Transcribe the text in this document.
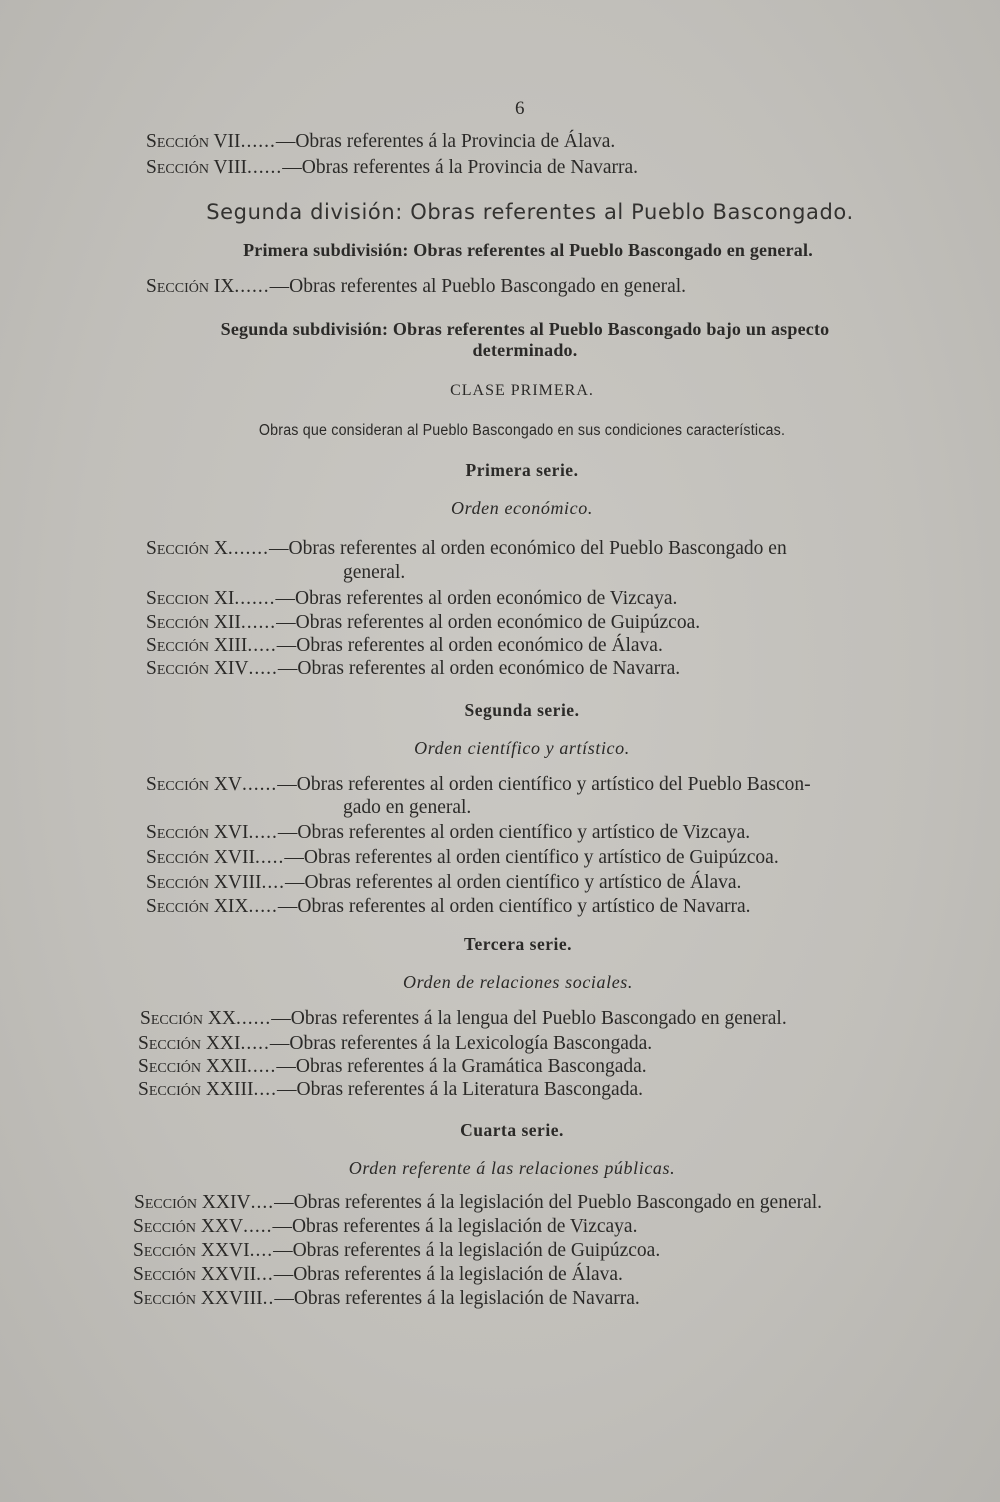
6
Sección VII......—Obras referentes á la Provincia de Álava.
Sección VIII......—Obras referentes á la Provincia de Navarra.
Segunda división: Obras referentes al Pueblo Bascongado.
Primera subdivisión: Obras referentes al Pueblo Bascongado en general.
Sección IX......—Obras referentes al Pueblo Bascongado en general.
Segunda subdivisión: Obras referentes al Pueblo Bascongado bajo un aspecto
determinado.
CLASE PRIMERA.
Obras que consideran al Pueblo Bascongado en sus condiciones características.
Primera serie.
Orden económico.
Sección X.......—Obras referentes al orden económico del Pueblo Bascongado en
general.
Seccion XI.......—Obras referentes al orden económico de Vizcaya.
Sección XII......—Obras referentes al orden económico de Guipúzcoa.
Sección XIII.....—Obras referentes al orden económico de Álava.
Sección XIV.....—Obras referentes al orden económico de Navarra.
Segunda serie.
Orden científico y artístico.
Sección XV......—Obras referentes al orden científico y artístico del Pueblo Bascon-
gado en general.
Sección XVI.....—Obras referentes al orden científico y artístico de Vizcaya.
Sección XVII.....—Obras referentes al orden científico y artístico de Guipúzcoa.
Sección XVIII....—Obras referentes al orden científico y artístico de Álava.
Sección XIX.....—Obras referentes al orden científico y artístico de Navarra.
Tercera serie.
Orden de relaciones sociales.
Sección XX......—Obras referentes á la lengua del Pueblo Bascongado en general.
Sección XXI.....—Obras referentes á la Lexicología Bascongada.
Sección XXII.....—Obras referentes á la Gramática Bascongada.
Sección XXIII....—Obras referentes á la Literatura Bascongada.
Cuarta serie.
Orden referente á las relaciones públicas.
Sección XXIV....—Obras referentes á la legislación del Pueblo Bascongado en general.
Sección XXV.....—Obras referentes á la legislación de Vizcaya.
Sección XXVI....—Obras referentes á la legislación de Guipúzcoa.
Sección XXVII...—Obras referentes á la legislación de Álava.
Sección XXVIII..—Obras referentes á la legislación de Navarra.
